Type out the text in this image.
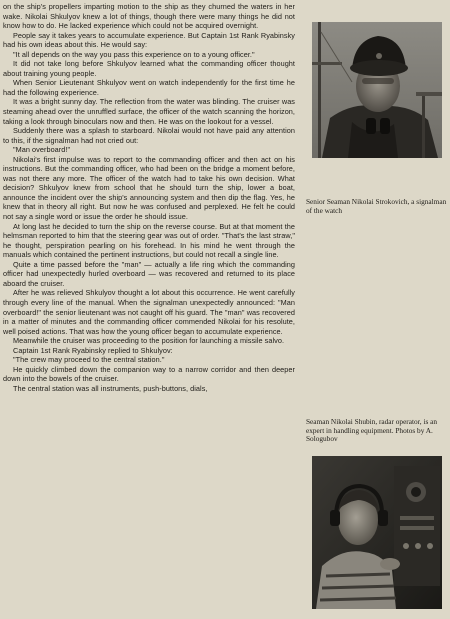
on the ship's propellers imparting motion to the ship as they churned the waters in her wake. Nikolai Shkulyov knew a lot of things, though there were many things he did not know how to do. He lacked experience which could not be acquired overnight.

People say it takes years to accumulate experience. But Captain 1st Rank Ryabinsky had his own ideas about this. He would say:

"It all depends on the way you pass this experience on to a young officer."

It did not take long before Shkulyov learned what the commanding officer thought about training young people.

When Senior Lieutenant Shkulyov went on watch independently for the first time he had the following experience.

It was a bright sunny day. The reflection from the water was blinding. The cruiser was steaming ahead over the unruffled surface, the officer of the watch scanning the horizon, taking a look through binoculars now and then. He was on the lookout for a vessel.

Suddenly there was a splash to starboard. Nikolai would not have paid any attention to this, if the signalman had not cried out:

"Man overboard!"

Nikolai's first impulse was to report to the commanding officer and then act on his instructions. But the commanding officer, who had been on the bridge a moment before, was not there any more. The officer of the watch had to take his own decision. What decision? Shkulyov knew from school that he should turn the ship, lower a boat, announce the incident over the ship's announcing system and then dip the flag. Yes, he knew that in theory all right. But now he was confused and perplexed. He felt he could not say a single word or issue the order he should issue.

At long last he decided to turn the ship on the reverse course. But at that moment the helmsman reported to him that the steering gear was out of order. "That's the last straw," he thought, perspiration pearling on his forehead. In his mind he went through the manuals which contained the pertinent instructions, but could not recall a single line.

Quite a time passed before the "man" — actually a life ring which the commanding officer had unexpectedly hurled overboard — was recovered and returned to its place aboard the cruiser.

After he was relieved Shkulyov thought a lot about this occurrence. He went carefully through every line of the manual. When the signalman unexpectedly announced: "Man overboard!" the senior lieutenant was not caught off his guard. The "man" was recovered in a matter of minutes and the commanding officer commended Nikolai for his resolute, well poised actions. That was how the young officer began to accumulate experience.

Meanwhile the cruiser was proceeding to the position for launching a missile salvo.

Captain 1st Rank Ryabinsky replied to Shkulyov:

"The crew may proceed to the central station."

He quickly climbed down the companion way to a narrow corridor and then deeper down into the bowels of the cruiser.

The central station was all instruments, push-buttons, dials,

Senior Seaman Nikolai Strokovich, a signalman of the watch
Seaman Nikolai Shubin, radar operator, is an expert in handling equipment. Photos by A. Sologubov
